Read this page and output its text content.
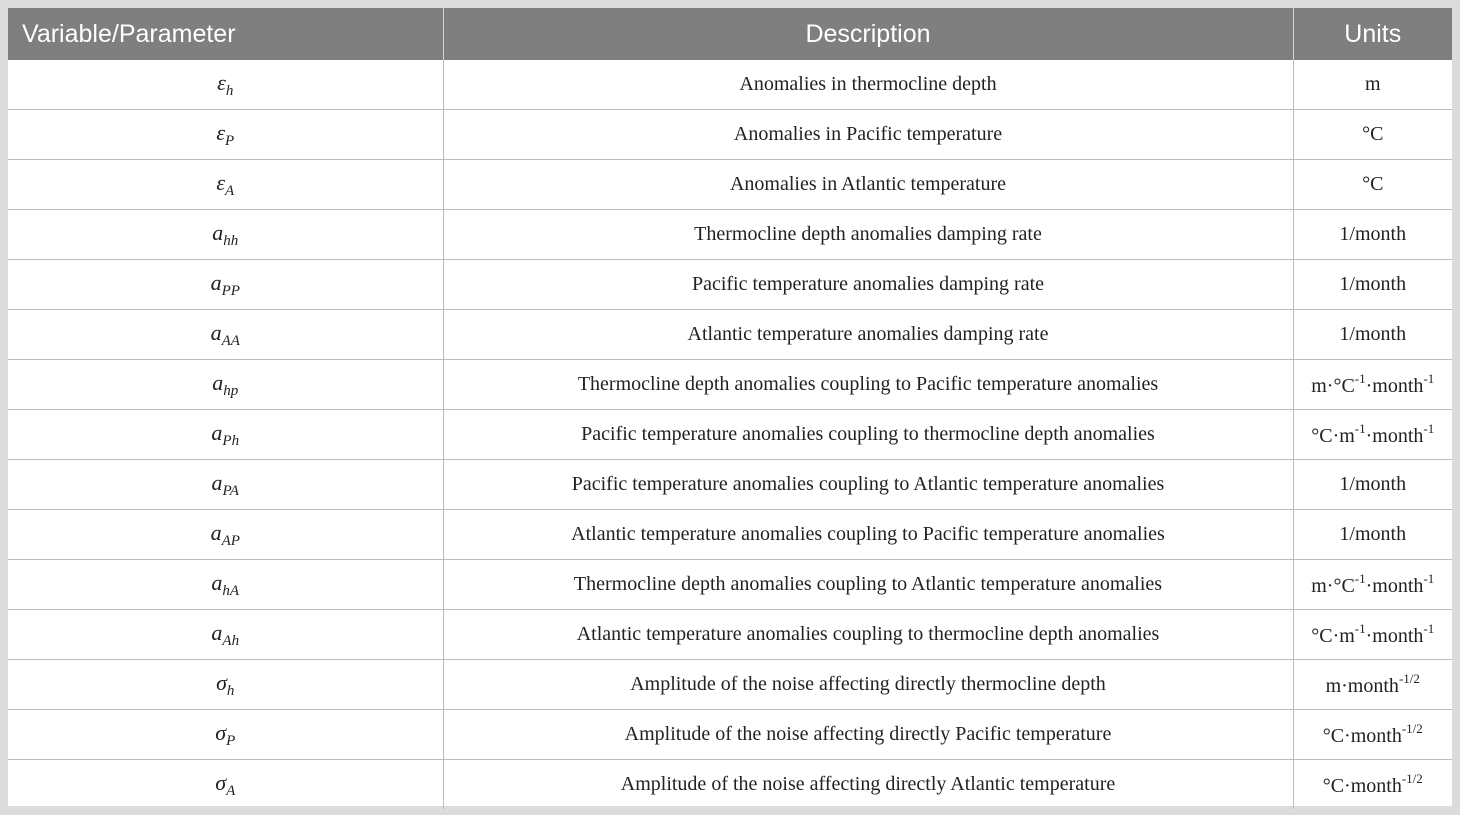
Variable/Parameter	Description	Units
$\varepsilon_h$	Anomalies in thermocline depth	m
$\varepsilon_P$	Anomalies in Pacific temperature	°C
$\varepsilon_A$	Anomalies in Atlantic temperature	°C
$a_{hh}$	Thermocline depth anomalies damping rate	1/month
$a_{PP}$	Pacific temperature anomalies damping rate	1/month
$a_{AA}$	Atlantic temperature anomalies damping rate	1/month
$a_{hp}$	Thermocline depth anomalies coupling to Pacific temperature anomalies	$m\cdot^\circ C^{-1}\cdot month^{-1}$
$a_{Ph}$	Pacific temperature anomalies coupling to thermocline depth anomalies	$^\circ C\cdot m^{-1}\cdot month^{-1}$
$a_{PA}$	Pacific temperature anomalies coupling to Atlantic temperature anomalies	1/month
$a_{AP}$	Atlantic temperature anomalies coupling to Pacific temperature anomalies	1/month
$a_{hA}$	Thermocline depth anomalies coupling to Atlantic temperature anomalies	$m\cdot^\circ C^{-1}\cdot month^{-1}$
$a_{Ah}$	Atlantic temperature anomalies coupling to thermocline depth anomalies	$^\circ C\cdot m^{-1}\cdot month^{-1}$
$\sigma_h$	Amplitude of the noise affecting directly thermocline depth	m·month$^{-1/2}$
$\sigma_P$	Amplitude of the noise affecting directly Pacific temperature	°C·month$^{-1/2}$
$\sigma_A$	Amplitude of the noise affecting directly Atlantic temperature	°C·month$^{-1/2}$
